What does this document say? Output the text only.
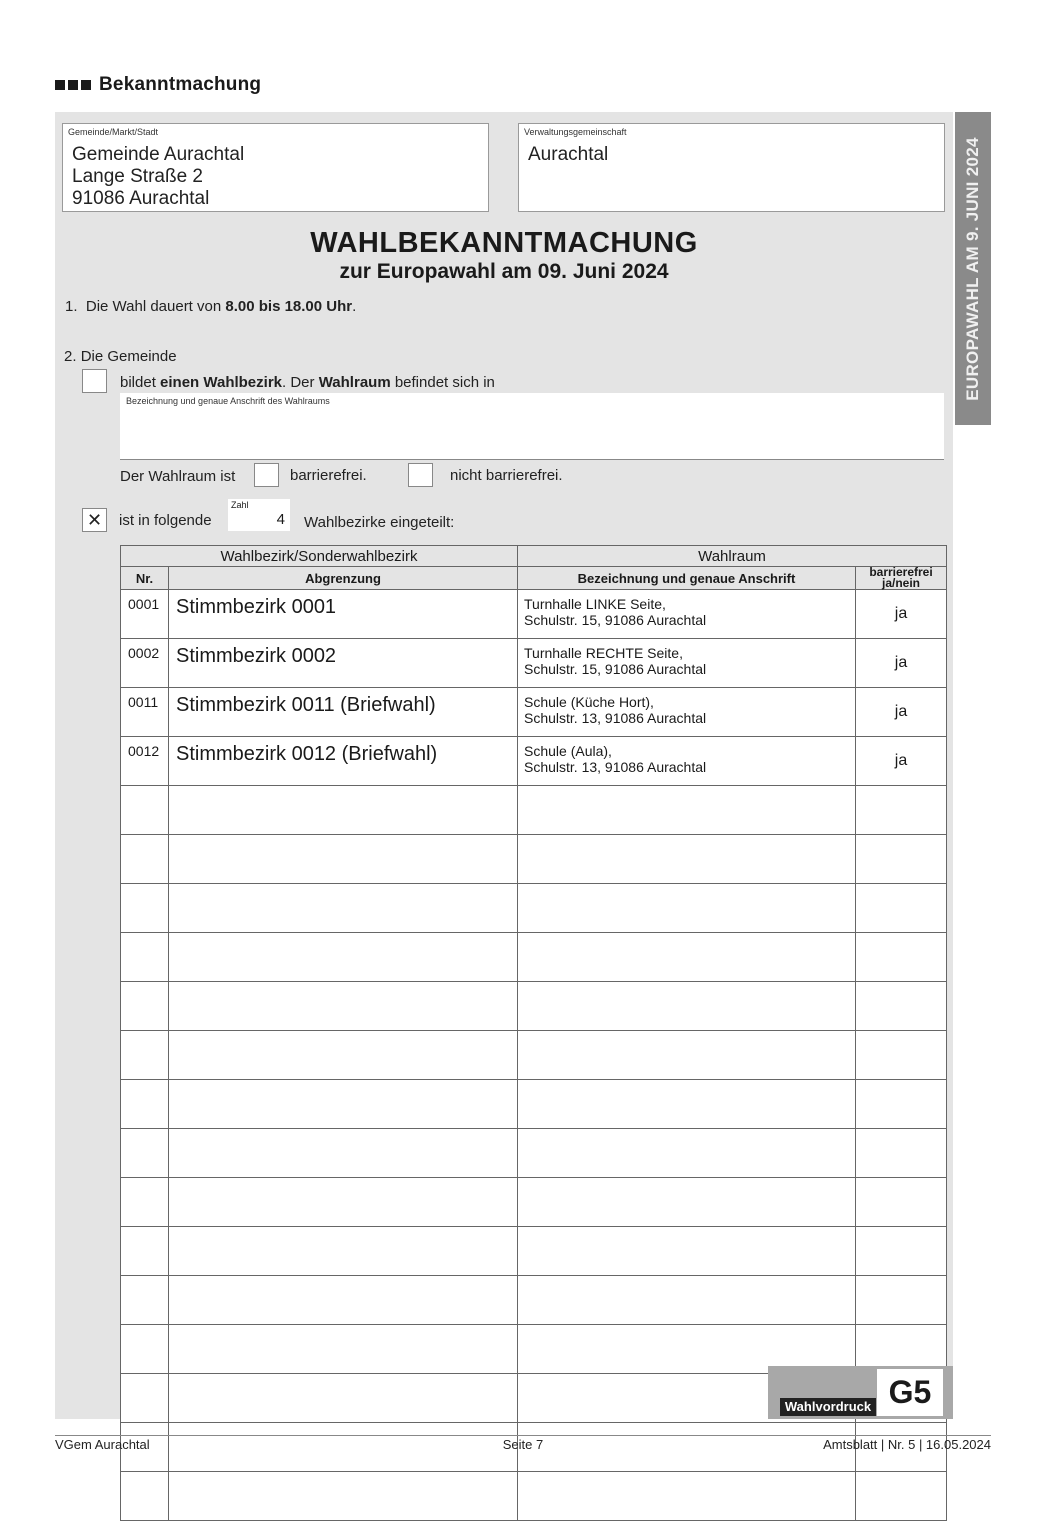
Bekanntmachung
EUROPAWAHL AM 9. JUNI 2024
Gemeinde/Markt/Stadt
Gemeinde Aurachtal
Lange Straße 2
91086 Aurachtal
Verwaltungsgemeinschaft
Aurachtal
WAHLBEKANNTMACHUNG
zur Europawahl am 09. Juni 2024
1. Die Wahl dauert von 8.00 bis 18.00 Uhr.
2. Die Gemeinde
bildet einen Wahlbezirk. Der Wahlraum befindet sich in
Bezeichnung und genaue Anschrift des Wahlraums
Der Wahlraum ist	barrierefrei.	nicht barrierefrei.
✕ ist in folgende
Zahl
4 Wahlbezirke eingeteilt:
Wahlbezirk/Sonderwahlbezirk		Wahlraum	
Nr.	Abgrenzung	Bezeichnung und genaue Anschrift	barrierefrei
ja/nein

0001	Stimmbezirk 0001	Turnhalle LINKE Seite,
Schulstr. 15, 91086 Aurachtal	ja

0002	Stimmbezirk 0002	Turnhalle RECHTE Seite,
Schulstr. 15, 91086 Aurachtal	ja

0011	Stimmbezirk 0011 (Briefwahl)	Schule (Küche Hort),
Schulstr. 13, 91086 Aurachtal	ja

0012	Stimmbezirk 0012 (Briefwahl)	Schule (Aula),
Schulstr. 13, 91086 Aurachtal	ja

Wahlvordruck G5
VGem Aurachtal	Seite 7	Amtsblatt | Nr. 5 | 16.05.2024
